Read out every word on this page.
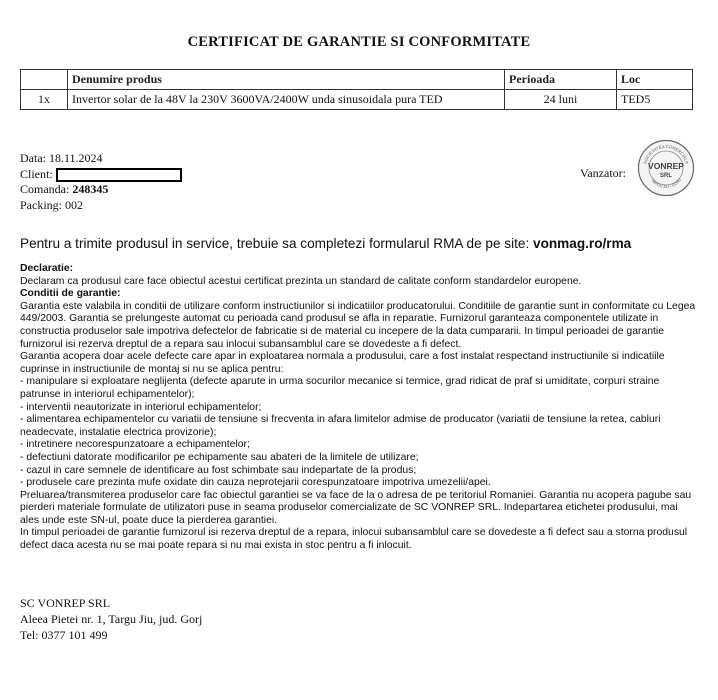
CERTIFICAT DE GARANTIE SI CONFORMITATE
	Denumire produs	Perioada	Loc
1x	Invertor solar de la 48V la 230V 3600VA/2400W unda sinusoidala pura TED	24 luni	TED5
Data: 18.11.2024
Client:
Comanda: 248345
Packing: 002
Vanzator:
SOCIETATEA COMERCIALA
TARGU JIU - GORJ
VONREP
SRL
Pentru a trimite produsul in service, trebuie sa completezi formularul RMA de pe site: vonmag.ro/rma

Declaratie:

Declaram ca produsul care face obiectul acestui certificat prezinta un standard de calitate conform standardelor europene.

Conditii de garantie:

Garantia este valabila in conditii de utilizare conform instructiunilor si indicatiilor producatorului. Conditiile de garantie sunt in conformitate cu Legea 449/2003. Garantia se prelungeste automat cu perioada cand produsul se afla in reparatie. Furnizorul garanteaza componentele utilizate in constructia produselor sale impotriva defectelor de fabricatie si de material cu incepere de la data cumpararii. In timpul perioadei de garantie furnizorul isi rezerva dreptul de a repara sau inlocui subansamblul care se dovedeste a fi defect.

Garantia acopera doar acele defecte care apar in exploatarea normala a produsului, care a fost instalat respectand instructiunile si indicatiile cuprinse in instructiunile de montaj si nu se aplica pentru:

- manipulare si exploatare neglijenta (defecte aparute in urma socurilor mecanice si termice, grad ridicat de praf si umiditate, corpuri straine patrunse in interiorul echipamentelor);

- interventii neautorizate in interiorul echipamentelor;

- alimentarea echipamentelor cu variatii de tensiune si frecventa in afara limitelor admise de producator (variatii de tensiune la retea, cabluri neadecvate, instalatie electrica provizorie);

- intretinere necorespunzatoare a echipamentelor;

- defectiuni datorate modificarilor pe echipamente sau abateri de la limitele de utilizare;

- cazul in care semnele de identificare au fost schimbate sau indepartate de la produs;

- produsele care prezinta mufe oxidate din cauza neprotejarii corespunzatoare impotriva umezelii/apei.

Preluarea/transmiterea produselor care fac obiectul garantiei se va face de la o adresa de pe teritoriul Romaniei. Garantia nu acopera pagube sau pierderi materiale formulate de utilizatori puse in seama produselor comercializate de SC VONREP SRL. Indepartarea etichetei produsului, mai ales unde este SN-ul, poate duce la pierderea garantiei.

In timpul perioadei de garantie furnizorul isi rezerva dreptul de a repara, inlocui subansamblul care se dovedeste a fi defect sau a storna produsul defect daca acesta nu se mai poate repara si nu mai exista in stoc pentru a fi inlocuit.

SC VONREP SRL
Aleea Pietei nr. 1, Targu Jiu, jud. Gorj
Tel: 0377 101 499
